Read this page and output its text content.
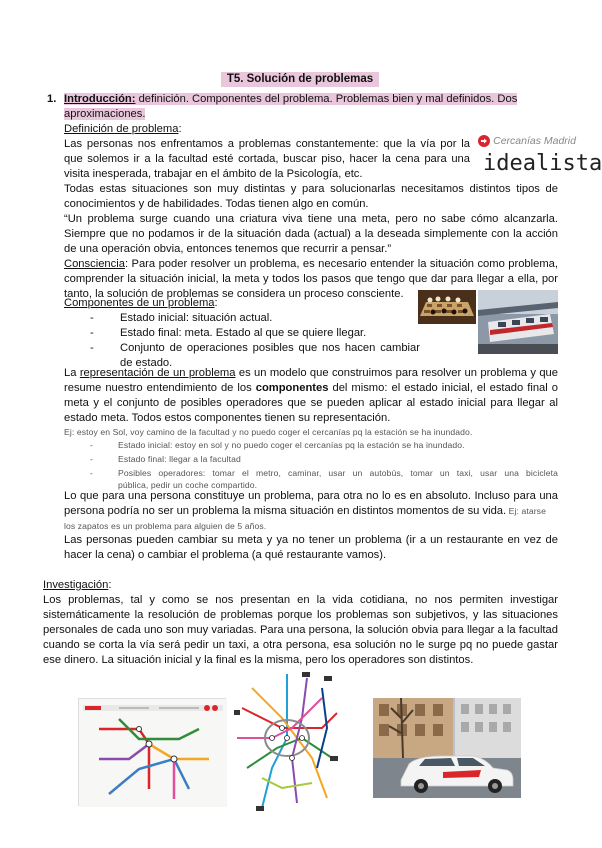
T5. Solución de problemas
1. Introducción: definición. Componentes del problema. Problemas bien y mal definidos. Dos
aproximaciones.
Definición de problema:
Las personas nos enfrentamos a problemas constantemente: que la vía por la
que solemos ir a la facultad esté cortada, buscar piso, hacer la cena para una
visita inesperada, trabajar en el ámbito de la Psicología, etc.
Cercanías Madrid
idealista
Todas estas situaciones son muy distintas y para solucionarlas necesitamos distintos tipos de
conocimientos y de habilidades. Todas tienen algo en común.
“Un problema surge cuando una criatura viva tiene una meta, pero no sabe cómo alcanzarla.
Siempre que no podamos ir de la situación dada (actual) a la deseada simplemente con la acción
de una operación obvia, entonces tenemos que recurrir a pensar.”
Consciencia: Para poder resolver un problema, es necesario entender la situación como problema,
comprender la situación inicial, la meta y todos los pasos que tengo que dar para llegar a ella, por
tanto, la solución de problemas se considera un proceso consciente.
Componentes de un problema:
- Estado inicial: situación actual.
- Estado final: meta. Estado al que se quiere llegar.
- Conjunto de operaciones posibles que nos hacen cambiar de estado.
La representación de un problema es un modelo que construimos para resolver un problema y que
resume nuestro entendimiento de los componentes del mismo: el estado inicial, el estado final o
meta y el conjunto de posibles operadores que se pueden aplicar al estado inicial para llegar al
estado meta. Todos estos componentes tienen su representación.
Ej: estoy en Sol, voy camino de la facultad y no puedo coger el cercanías pq la estación se ha inundado.
- Estado inicial: estoy en sol y no puedo coger el cercanías pq la estación se ha inundado.
- Estado final: llegar a la facultad
- Posibles operadores: tomar el metro, caminar, usar un autobús, tomar un taxi, usar una bicicleta
pública, pedir un coche compartido.
Lo que para una persona constituye un problema, para otra no lo es en absoluto. Incluso para una
persona podría no ser un problema la misma situación en distintos momentos de su vida. Ej: atarse
los zapatos es un problema para alguien de 5 años.
Las personas pueden cambiar su meta y ya no tener un problema (ir a un restaurante en vez de
hacer la cena) o cambiar el problema (a qué restaurante vamos).
Investigación:
Los problemas, tal y como se nos presentan en la vida cotidiana, no nos permiten investigar
sistemáticamente la resolución de problemas porque los problemas son subjetivos, y las situaciones
personales de cada uno son muy variadas. Para una persona, la solución obvia para llegar a la facultad
cuando se corta la vía será pedir un taxi, a otra persona, esa solución no le surge pq no puede gastar
ese dinero. La situación inicial y la final es la misma, pero los operadores son distintos.
